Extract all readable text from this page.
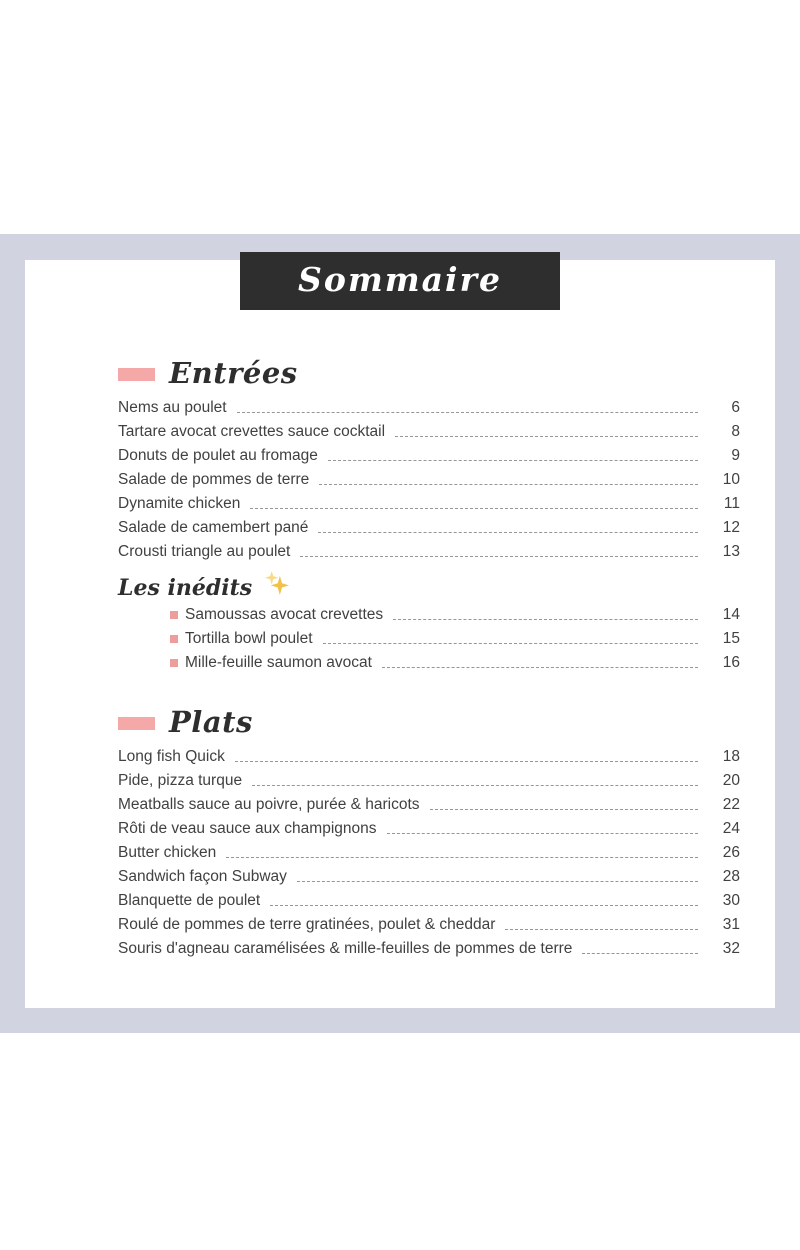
Sommaire
Entrées
Nems au poulet	6
Tartare avocat crevettes sauce cocktail	8
Donuts de poulet au fromage	9
Salade de pommes de terre	10
Dynamite chicken	11
Salade de camembert pané	12
Crousti triangle au poulet	13
Les inédits
Samoussas avocat crevettes	14
Tortilla bowl poulet	15
Mille-feuille saumon avocat	16
Plats
Long fish Quick	18
Pide, pizza turque	20
Meatballs sauce au poivre, purée & haricots	22
Rôti de veau sauce aux champignons	24
Butter chicken	26
Sandwich façon Subway	28
Blanquette de poulet	30
Roulé de pommes de terre gratinées, poulet & cheddar	31
Souris d'agneau caramélisées & mille-feuilles de pommes de terre	32
